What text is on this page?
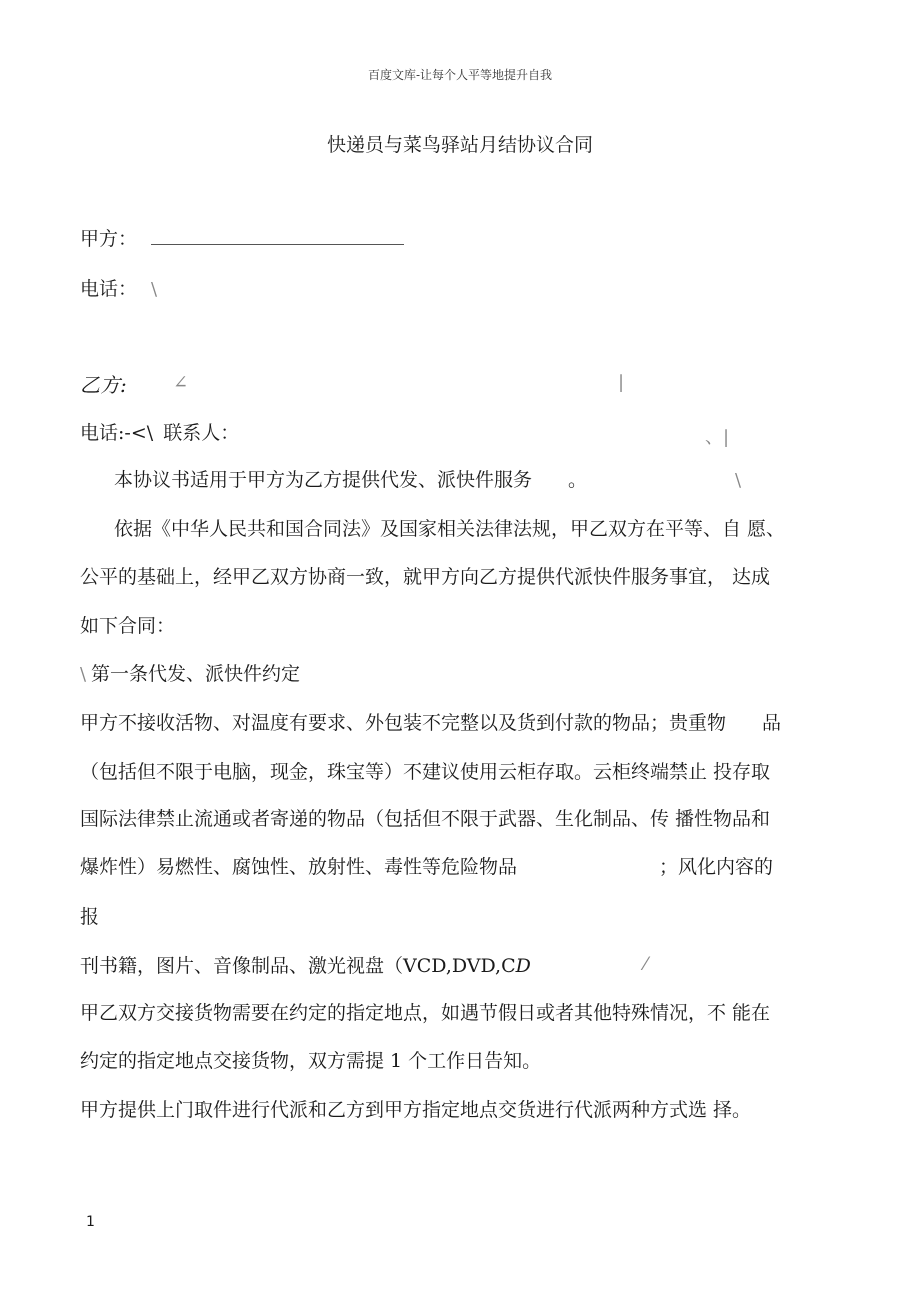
百度文库-让每个人平等地提升自我
快递员与菜鸟驿站月结协议合同
甲方：
电话： \
乙方:	∠	|
电话:-<\ 联系人：	、|
本协议书适用于甲方为乙方提供代发、派快件服务 。	\
依据《中华人民共和国合同法》及国家相关法律法规，甲乙双方在平等、自 愿、
公平的基础上，经甲乙双方协商一致，就甲方向乙方提供代派快件服务事宜， 达成
如下合同：
\ 第一条代发、派快件约定
甲方不接收活物、对温度有要求、外包装不完整以及货到付款的物品；贵重物 品
（包括但不限于电脑，现金，珠宝等）不建议使用云柜存取。云柜终端禁止 投存取
国际法律禁止流通或者寄递的物品（包括但不限于武器、生化制品、传 播性物品和
爆炸性）易燃性、腐蚀性、放射性、毒性等危险物品	；风化内容的
报
刊书籍，图片、音像制品、激光视盘（VCD,DVD,CD	⁄
甲乙双方交接货物需要在约定的指定地点，如遇节假日或者其他特殊情况，不 能在
约定的指定地点交接货物，双方需提 1 个工作日告知。
甲方提供上门取件进行代派和乙方到甲方指定地点交货进行代派两种方式选 择。
1
